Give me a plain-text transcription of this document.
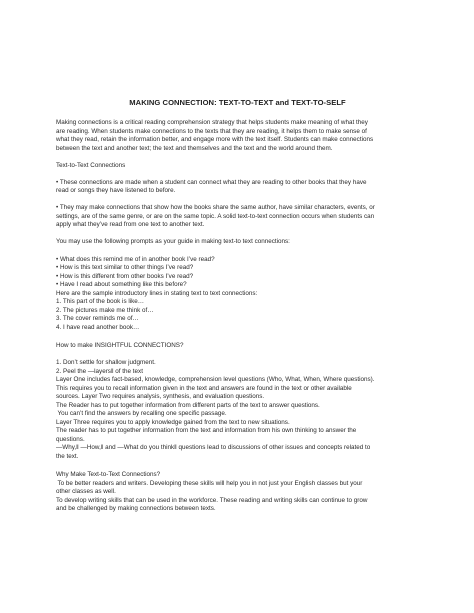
MAKING CONNECTION: TEXT-TO-TEXT and TEXT-TO-SELF

Making connections is a critical reading comprehension strategy that helps students make meaning of what they

are reading. When students make connections to the texts that they are reading, it helps them to make sense of

what they read, retain the information better, and engage more with the text itself. Students can make connections

between the text and another text; the text and themselves and the text and the world around them.

Text-to-Text Connections

• These connections are made when a student can connect what they are reading to other books that they have

read or songs they have listened to before.

• They may make connections that show how the books share the same author, have similar characters, events, or

settings, are of the same genre, or are on the same topic. A solid text-to-text connection occurs when students can

apply what they’ve read from one text to another text.

You may use the following prompts as your guide in making text-to text connections:

• What does this remind me of in another book I’ve read?

• How is this text similar to other things I’ve read?

• How is this different from other books I’ve read?

• Have I read about something like this before?

Here are the sample introductory lines in stating text to text connections:

1. This part of the book is like…

2. The pictures make me think of…

3. The cover reminds me of…

4. I have read another book…

How to make INSIGHTFUL CONNECTIONS?

1. Don’t settle for shallow judgment.

2. Peel the ―layers‖ of the text

Layer One includes fact-based, knowledge, comprehension level questions (Who, What, When, Where questions).

This requires you to recall information given in the text and answers are found in the text or other available

sources. Layer Two requires analysis, synthesis, and evaluation questions.

The Reader has to put together information from different parts of the text to answer questions.

You can’t find the answers by recalling one specific passage.

Layer Three requires you to apply knowledge gained from the text to new situations.

The reader has to put together information from the text and information from his own thinking to answer the

questions.

―Why,‖ ―How,‖ and ―What do you think‖ questions lead to discussions of other issues and concepts related to

the text.

Why Make Text-to-Text Connections?

To be better readers and writers. Developing these skills will help you in not just your English classes but your

other classes as well.

To develop writing skills that can be used in the workforce. These reading and writing skills can continue to grow

and be challenged by making connections between texts.
